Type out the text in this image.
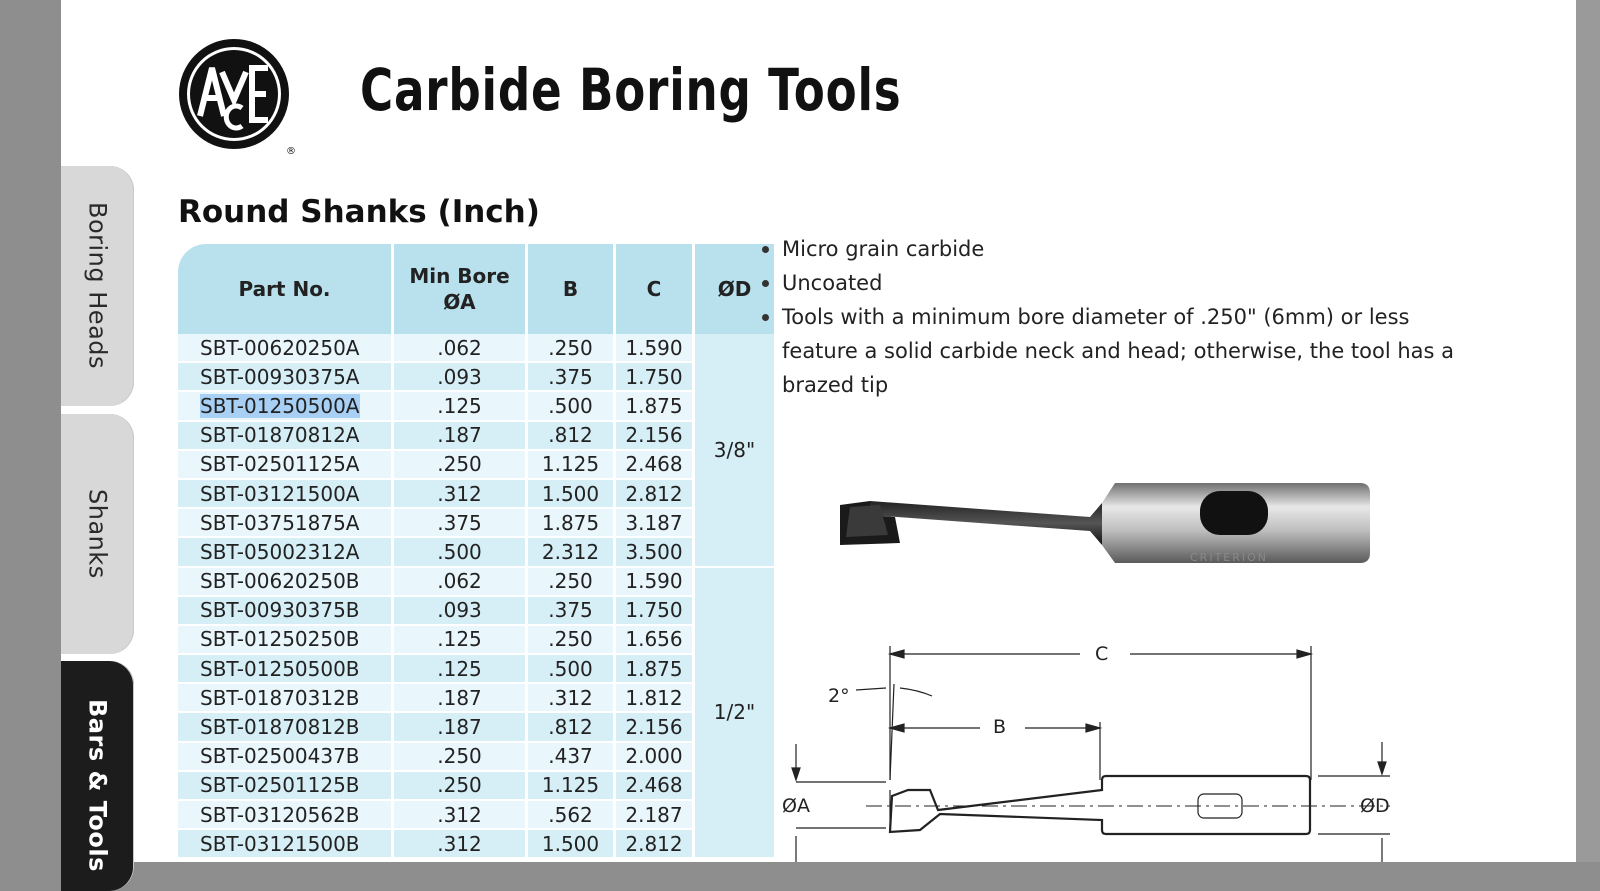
Boring Heads
Shanks
Bars & Tools
®
Carbide Boring Tools
Round Shanks (Inch)
Part No.	Min Bore ØA	B	C	ØD
SBT-00620250A	.062	.250	1.590	3/8"
SBT-00930375A	.093	.375	1.750	
SBT-01250500A	.125	.500	1.875	
SBT-01870812A	.187	.812	2.156	
SBT-02501125A	.250	1.125	2.468	
SBT-03121500A	.312	1.500	2.812	
SBT-03751875A	.375	1.875	3.187	
SBT-05002312A	.500	2.312	3.500	
SBT-00620250B	.062	.250	1.590	1/2"
SBT-00930375B	.093	.375	1.750	
SBT-01250250B	.125	.250	1.656	
SBT-01250500B	.125	.500	1.875	
SBT-01870312B	.187	.312	1.812	
SBT-01870812B	.187	.812	2.156	
SBT-02500437B	.250	.437	2.000	
SBT-02501125B	.250	1.125	2.468	
SBT-03120562B	.312	.562	2.187	
SBT-03121500B	.312	1.500	2.812	
Micro grain carbide
Uncoated
Tools with a minimum bore diameter of .250" (6mm) or less feature a solid carbide neck and head; otherwise, the tool has a brazed tip
CRITERION
C
B
2°
ØA	ØD
